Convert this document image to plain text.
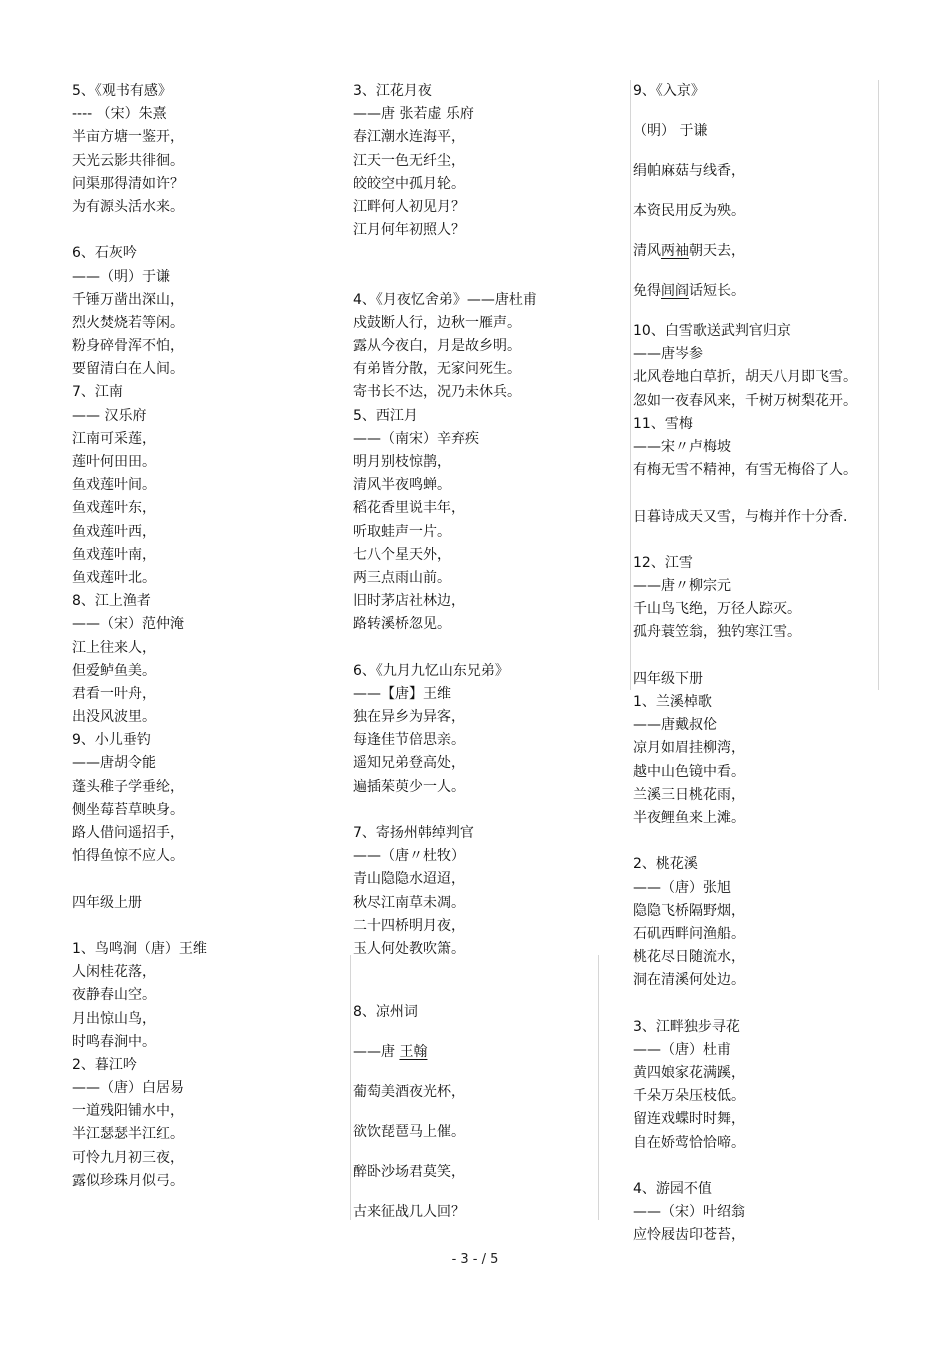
5、《观书有感》
---- （宋）朱熹
半亩方塘一鉴开，
天光云影共徘徊。
问渠那得清如许？
为有源头活水来。
6、石灰吟
——（明）于谦
千锤万凿出深山，
烈火焚烧若等闲。
粉身碎骨浑不怕，
要留清白在人间。
7、江南
—— 汉乐府
江南可采莲，
莲叶何田田。
鱼戏莲叶间。
鱼戏莲叶东，
鱼戏莲叶西，
鱼戏莲叶南，
鱼戏莲叶北。
8、江上渔者
——（宋）范仲淹
江上往来人，
但爱鲈鱼美。
君看一叶舟，
出没风波里。
9、小儿垂钓
——唐胡令能
蓬头稚子学垂纶，
侧坐莓苔草映身。
路人借问遥招手，
怕得鱼惊不应人。
四年级上册
1、鸟鸣涧（唐）王维
人闲桂花落，
夜静春山空。
月出惊山鸟，
时鸣春涧中。
2、暮江吟
——（唐）白居易
一道残阳铺水中，
半江瑟瑟半江红。
可怜九月初三夜，
露似珍珠月似弓。
3、江花月夜
——唐 张若虚 乐府
春江潮水连海平，
江天一色无纤尘，
皎皎空中孤月轮。
江畔何人初见月？
江月何年初照人？
4、《月夜忆舍弟》——唐杜甫
戍鼓断人行，边秋一雁声。
露从今夜白，月是故乡明。
有弟皆分散，无家问死生。
寄书长不达，况乃未休兵。
5、西江月
——（南宋）辛弃疾
明月别枝惊鹊，
清风半夜鸣蝉。
稻花香里说丰年，
听取蛙声一片。
七八个星天外，
两三点雨山前。
旧时茅店社林边，
路转溪桥忽见。
6、《九月九忆山东兄弟》
——【唐】王维
独在异乡为异客，
每逢佳节倍思亲。
遥知兄弟登高处，
遍插茱萸少一人。
7、寄扬州韩绰判官
——（唐〃杜牧）
青山隐隐水迢迢，
秋尽江南草未凋。
二十四桥明月夜，
玉人何处教吹箫。
8、凉州词
——唐 王翰
葡萄美酒夜光杯，
欲饮琵琶马上催。
醉卧沙场君莫笑，
古来征战几人回？
9、《入京》
（明） 于谦
绢帕麻菇与线香，
本资民用反为殃。
清风两袖朝天去，
免得闾阎话短长。
10、白雪歌送武判官归京
——唐岑参
北风卷地白草折，胡天八月即飞雪。
忽如一夜春风来，千树万树梨花开。
11、雪梅
——宋〃卢梅坡
有梅无雪不精神，有雪无梅俗了人。
日暮诗成天又雪，与梅并作十分香.
12、江雪
——唐〃柳宗元
千山鸟飞绝，万径人踪灭。
孤舟蓑笠翁，独钓寒江雪。
四年级下册
1、兰溪棹歌
——唐戴叔伦
凉月如眉挂柳湾，
越中山色镜中看。
兰溪三日桃花雨，
半夜鲤鱼来上滩。
2、桃花溪
——（唐）张旭
隐隐飞桥隔野烟，
石矶西畔问渔船。
桃花尽日随流水，
洞在清溪何处边。
3、江畔独步寻花
——（唐）杜甫
黄四娘家花满蹊，
千朵万朵压枝低。
留连戏蝶时时舞，
自在娇莺恰恰啼。
4、游园不值
——（宋）叶绍翁
应怜屐齿印苍苔，
- 3 - / 5
